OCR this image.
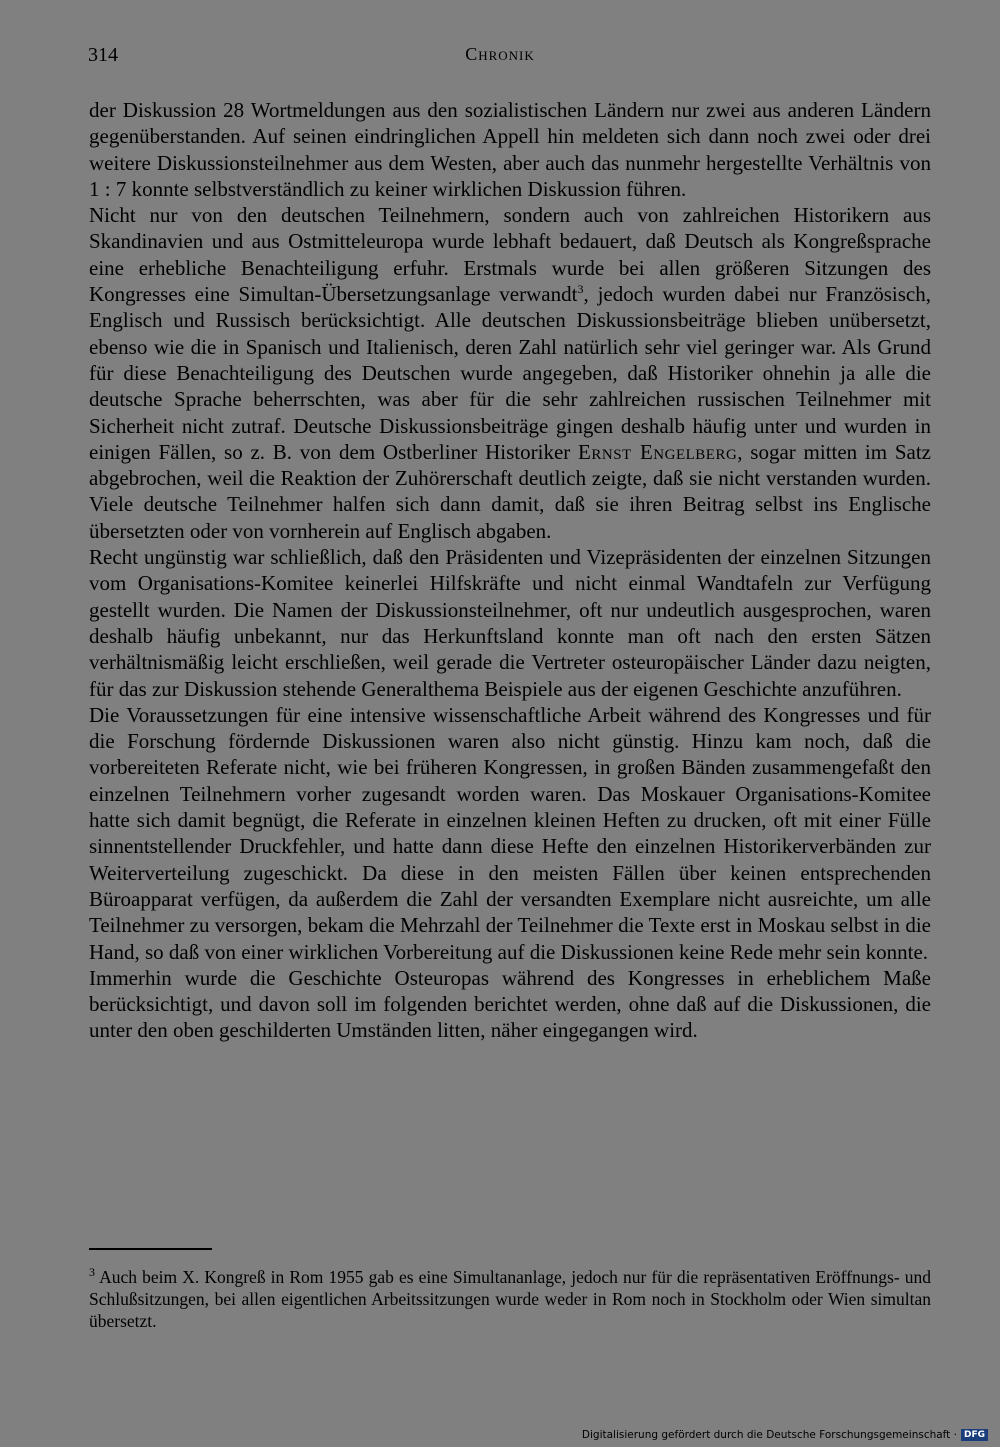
314	Chronik

der Diskussion 28 Wortmeldungen aus den sozialistischen Ländern nur zwei aus anderen Ländern gegenüberstanden. Auf seinen eindringlichen Appell hin meldeten sich dann noch zwei oder drei weitere Diskussionsteilnehmer aus dem Westen, aber auch das nunmehr hergestellte Verhältnis von 1 : 7 konnte selbstverständlich zu keiner wirklichen Diskussion führen.

Nicht nur von den deutschen Teilnehmern, sondern auch von zahlreichen Historikern aus Skandinavien und aus Ostmitteleuropa wurde lebhaft bedauert, daß Deutsch als Kongreßsprache eine erhebliche Benachteiligung erfuhr. Erstmals wurde bei allen größeren Sitzungen des Kongresses eine Simultan-Übersetzungsanlage verwandt$^3$, jedoch wurden dabei nur Französisch, Englisch und Russisch berücksichtigt. Alle deutschen Diskussionsbeiträge blieben unübersetzt, ebenso wie die in Spanisch und Italienisch, deren Zahl natürlich sehr viel geringer war. Als Grund für diese Benachteiligung des Deutschen wurde angegeben, daß Historiker ohnehin ja alle die deutsche Sprache beherrschten, was aber für die sehr zahlreichen russischen Teilnehmer mit Sicherheit nicht zutraf. Deutsche Diskussionsbeiträge gingen deshalb häufig unter und wurden in einigen Fällen, so z. B. von dem Ostberliner Historiker Ernst Engelberg, sogar mitten im Satz abgebrochen, weil die Reaktion der Zuhörerschaft deutlich zeigte, daß sie nicht verstanden wurden. Viele deutsche Teilnehmer halfen sich dann damit, daß sie ihren Beitrag selbst ins Englische übersetzten oder von vornherein auf Englisch abgaben.

Recht ungünstig war schließlich, daß den Präsidenten und Vizepräsidenten der einzelnen Sitzungen vom Organisations-Komitee keinerlei Hilfskräfte und nicht einmal Wandtafeln zur Verfügung gestellt wurden. Die Namen der Diskussionsteilnehmer, oft nur undeutlich ausgesprochen, waren deshalb häufig unbekannt, nur das Herkunftsland konnte man oft nach den ersten Sätzen verhältnismäßig leicht erschließen, weil gerade die Vertreter osteuropäischer Länder dazu neigten, für das zur Diskussion stehende Generalthema Beispiele aus der eigenen Geschichte anzuführen.

Die Voraussetzungen für eine intensive wissenschaftliche Arbeit während des Kongresses und für die Forschung fördernde Diskussionen waren also nicht günstig. Hinzu kam noch, daß die vorbereiteten Referate nicht, wie bei früheren Kongressen, in großen Bänden zusammengefaßt den einzelnen Teilnehmern vorher zugesandt worden waren. Das Moskauer Organisations-Komitee hatte sich damit begnügt, die Referate in einzelnen kleinen Heften zu drucken, oft mit einer Fülle sinnentstellender Druckfehler, und hatte dann diese Hefte den einzelnen Historikerverbänden zur Weiterverteilung zugeschickt. Da diese in den meisten Fällen über keinen entsprechenden Büroapparat verfügen, da außerdem die Zahl der versandten Exemplare nicht ausreichte, um alle Teilnehmer zu versorgen, bekam die Mehrzahl der Teilnehmer die Texte erst in Moskau selbst in die Hand, so daß von einer wirklichen Vorbereitung auf die Diskussionen keine Rede mehr sein konnte.

Immerhin wurde die Geschichte Osteuropas während des Kongresses in erheblichem Maße berücksichtigt, und davon soll im folgenden berichtet werden, ohne daß auf die Diskussionen, die unter den oben geschilderten Umständen litten, näher eingegangen wird.

$^3$ Auch beim X. Kongreß in Rom 1955 gab es eine Simultananlage, jedoch nur für die repräsentativen Eröffnungs- und Schlußsitzungen, bei allen eigentlichen Arbeitssitzungen wurde weder in Rom noch in Stockholm oder Wien simultan übersetzt.

Digitalisierung gefördert durch die Deutsche Forschungsgemeinschaft · DFG
